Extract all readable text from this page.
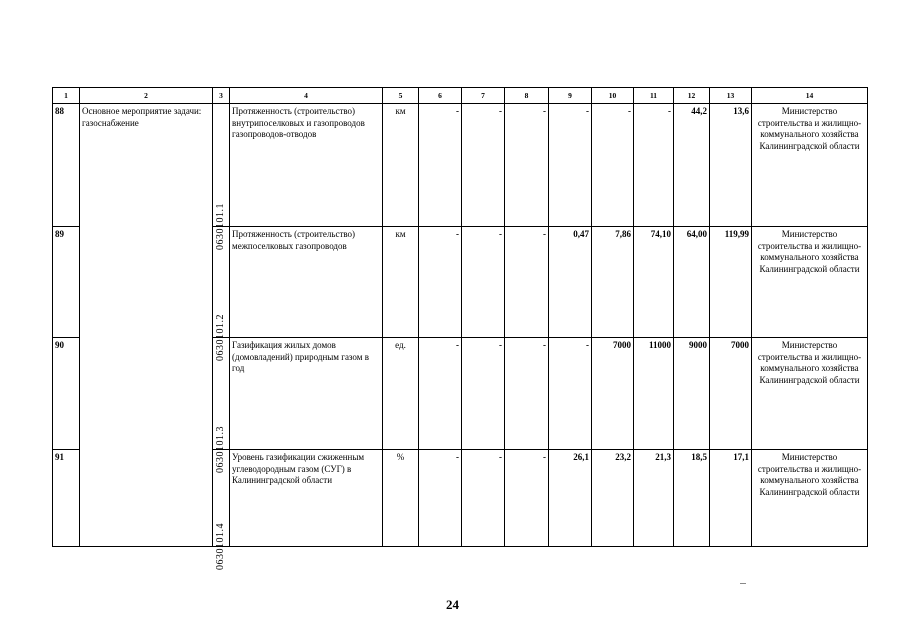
1	2	3	4	5	6	7	8	9	10	11	12	13	14
88	Основное мероприятие задачи: газоснабжение	0630101.1	Протяженность (строительство) внутрипоселковых и газопроводов газопроводов-отводов	км	-	-	-	-	-	-	44,2	13,6	Министерство строительства и жилищно-коммунального хозяйства Калининградской области
89		0630101.2	Протяженность (строительство) межпоселковых газопроводов	км	-	-	-	0,47	7,86	74,10	64,00	119,99	Министерство строительства и жилищно-коммунального хозяйства Калининградской области
90		0630101.3	Газификация жилых домов (домовладений) природным газом в год	ед.	-	-	-	-	7000	11000	9000	7000	Министерство строительства и жилищно-коммунального хозяйства Калининградской области
91		0630101.4	Уровень газификации сжиженным углеводородным газом (СУГ) в Калининградской области	%	-	-	-	26,1	23,2	21,3	18,5	17,1	Министерство строительства и жилищно-коммунального хозяйства Калининградской области
24
